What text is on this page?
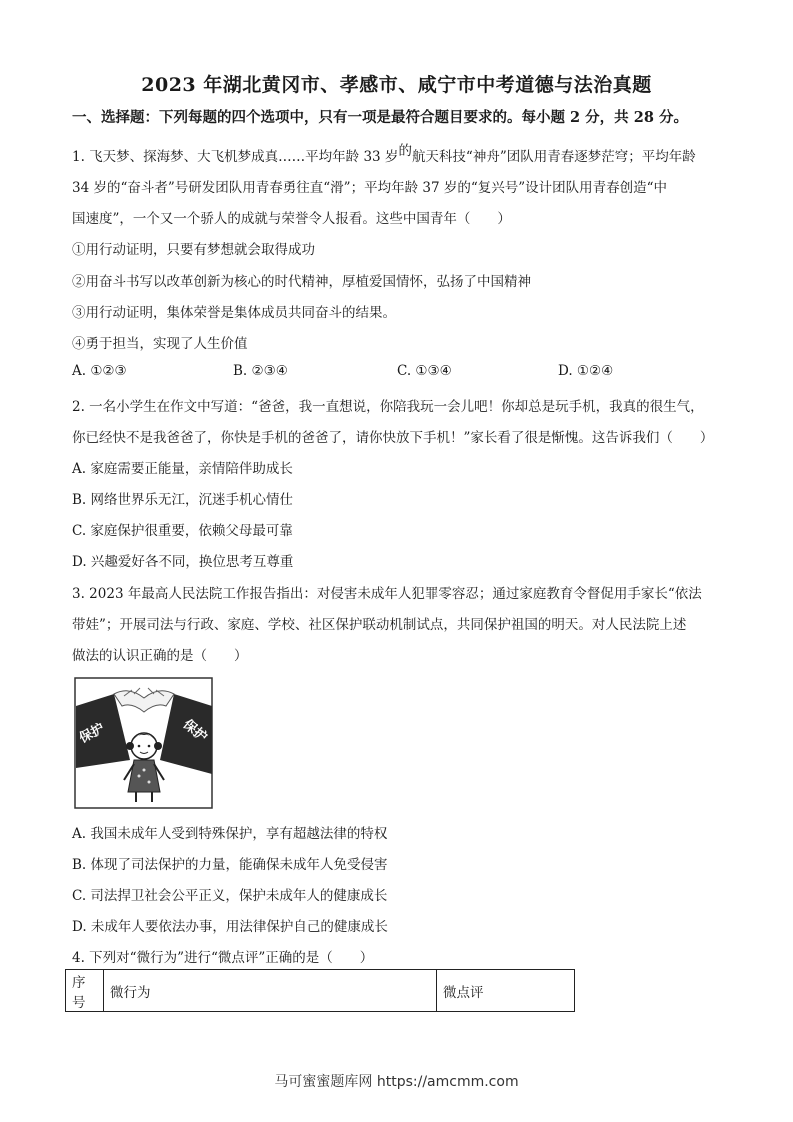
2023 年湖北黄冈市、孝感市、咸宁市中考道德与法治真题
一、选择题：下列每题的四个选项中，只有一项是最符合题目要求的。每小题 2 分，共 28 分。
1. 飞天梦、探海梦、大飞机梦成真……平均年龄 33 岁的航天科技“神舟”团队用青春逐梦茫穹；平均年龄
34 岁的“奋斗者”号研发团队用青春勇往直“滑”；平均年龄 37 岁的“复兴号”设计团队用青春创造“中
国速度”，一个又一个骄人的成就与荣誉令人报看。这些中国青年（　　）
①用行动证明，只要有梦想就会取得成功
②用奋斗书写以改革创新为核心的时代精神，厚植爱国情怀，弘扬了中国精神
③用行动证明，集体荣誉是集体成员共同奋斗的结果。
④勇于担当，实现了人生价值
A. ①②③	B. ②③④	C. ①③④	D. ①②④
2. 一名小学生在作文中写道：“爸爸，我一直想说，你陪我玩一会儿吧！你却总是玩手机，我真的很生气，
你已经快不是我爸爸了，你快是手机的爸爸了，请你快放下手机！”家长看了很是惭愧。这告诉我们（　　）
A. 家庭需要正能量，亲情陪伴助成长
B. 网络世界乐无江，沉迷手机心情仕
C. 家庭保护很重要，依赖父母最可靠
D. 兴趣爱好各不同，换位思考互尊重
3. 2023 年最高人民法院工作报告指出：对侵害未成年人犯罪零容忍；通过家庭教育令督促用手家长“依法
带娃”；开展司法与行政、家庭、学校、社区保护联动机制试点，共同保护祖国的明天。对人民法院上述
做法的认识正确的是（　　）
保护	保护
A. 我国未成年人受到特殊保护，享有超越法律的特权
B. 体现了司法保护的力量，能确保未成年人免受侵害
C. 司法捍卫社会公平正义，保护未成年人的健康成长
D. 未成年人要依法办事，用法律保护自己的健康成长
4. 下列对“微行为”进行“微点评”正确的是（　　）
序号	微行为	微点评
马可蜜蜜题库网 https://amcmm.com
